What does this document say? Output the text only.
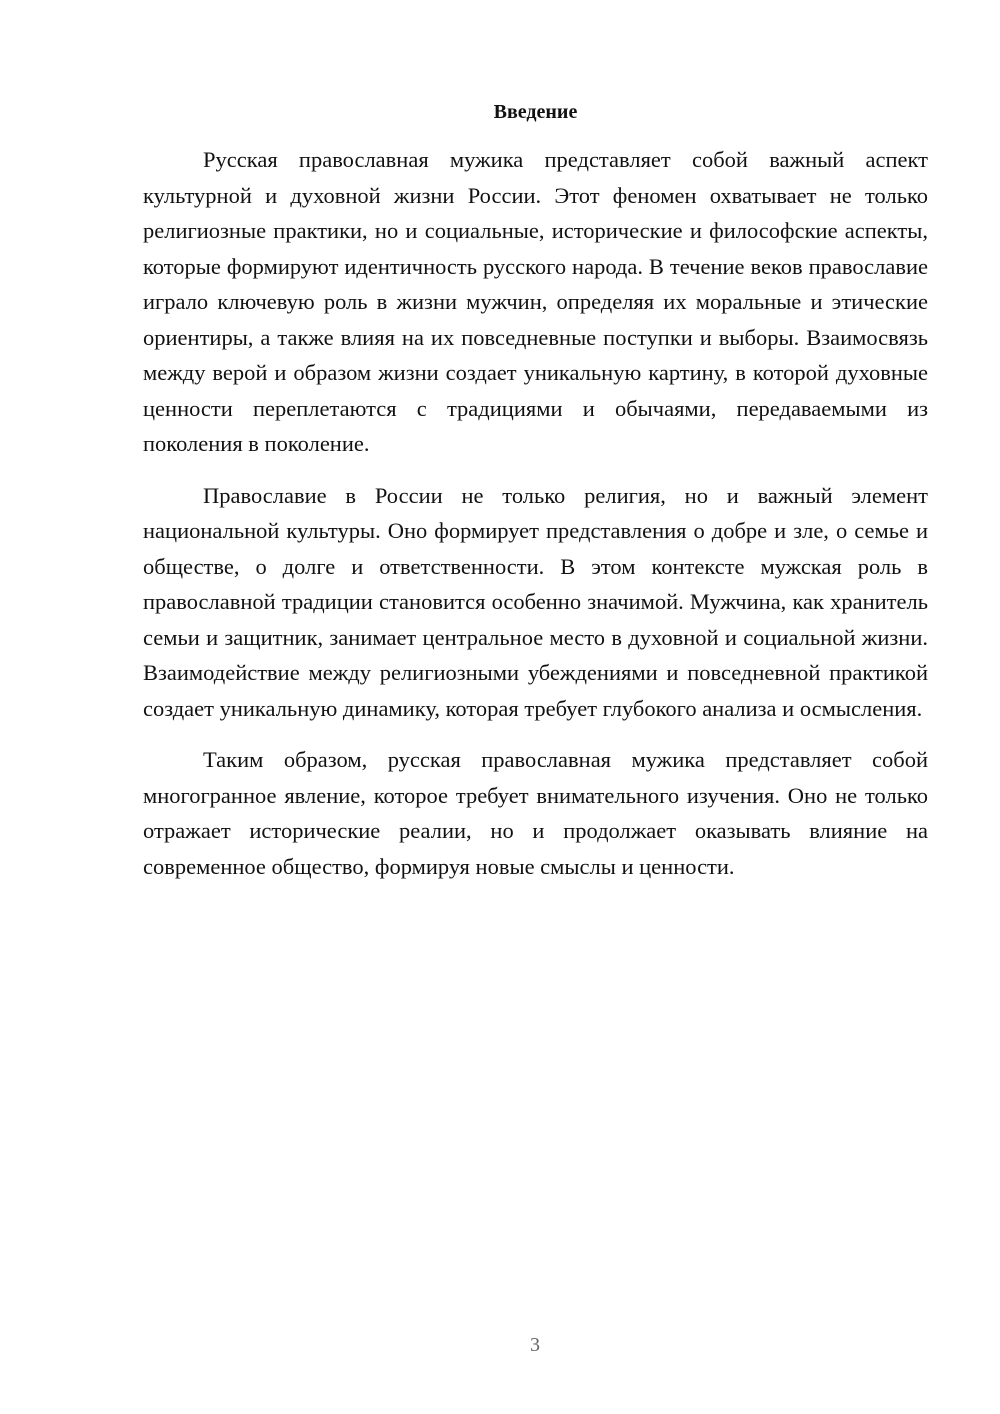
Введение

Русская православная мужика представляет собой важный аспект культурной и духовной жизни России. Этот феномен охватывает не только религиозные практики, но и социальные, исторические и философские аспекты, которые формируют идентичность русского народа. В течение веков православие играло ключевую роль в жизни мужчин, определяя их моральные и этические ориентиры, а также влияя на их повседневные поступки и выборы. Взаимосвязь между верой и образом жизни создает уникальную картину, в которой духовные ценности переплетаются с традициями и обычаями, передаваемыми из поколения в поколение.

Православие в России не только религия, но и важный элемент национальной культуры. Оно формирует представления о добре и зле, о семье и обществе, о долге и ответственности. В этом контексте мужская роль в православной традиции становится особенно значимой. Мужчина, как хранитель семьи и защитник, занимает центральное место в духовной и социальной жизни. Взаимодействие между религиозными убеждениями и повседневной практикой создает уникальную динамику, которая требует глубокого анализа и осмысления.

Таким образом, русская православная мужика представляет собой многогранное явление, которое требует внимательного изучения. Оно не только отражает исторические реалии, но и продолжает оказывать влияние на современное общество, формируя новые смыслы и ценности.

3
